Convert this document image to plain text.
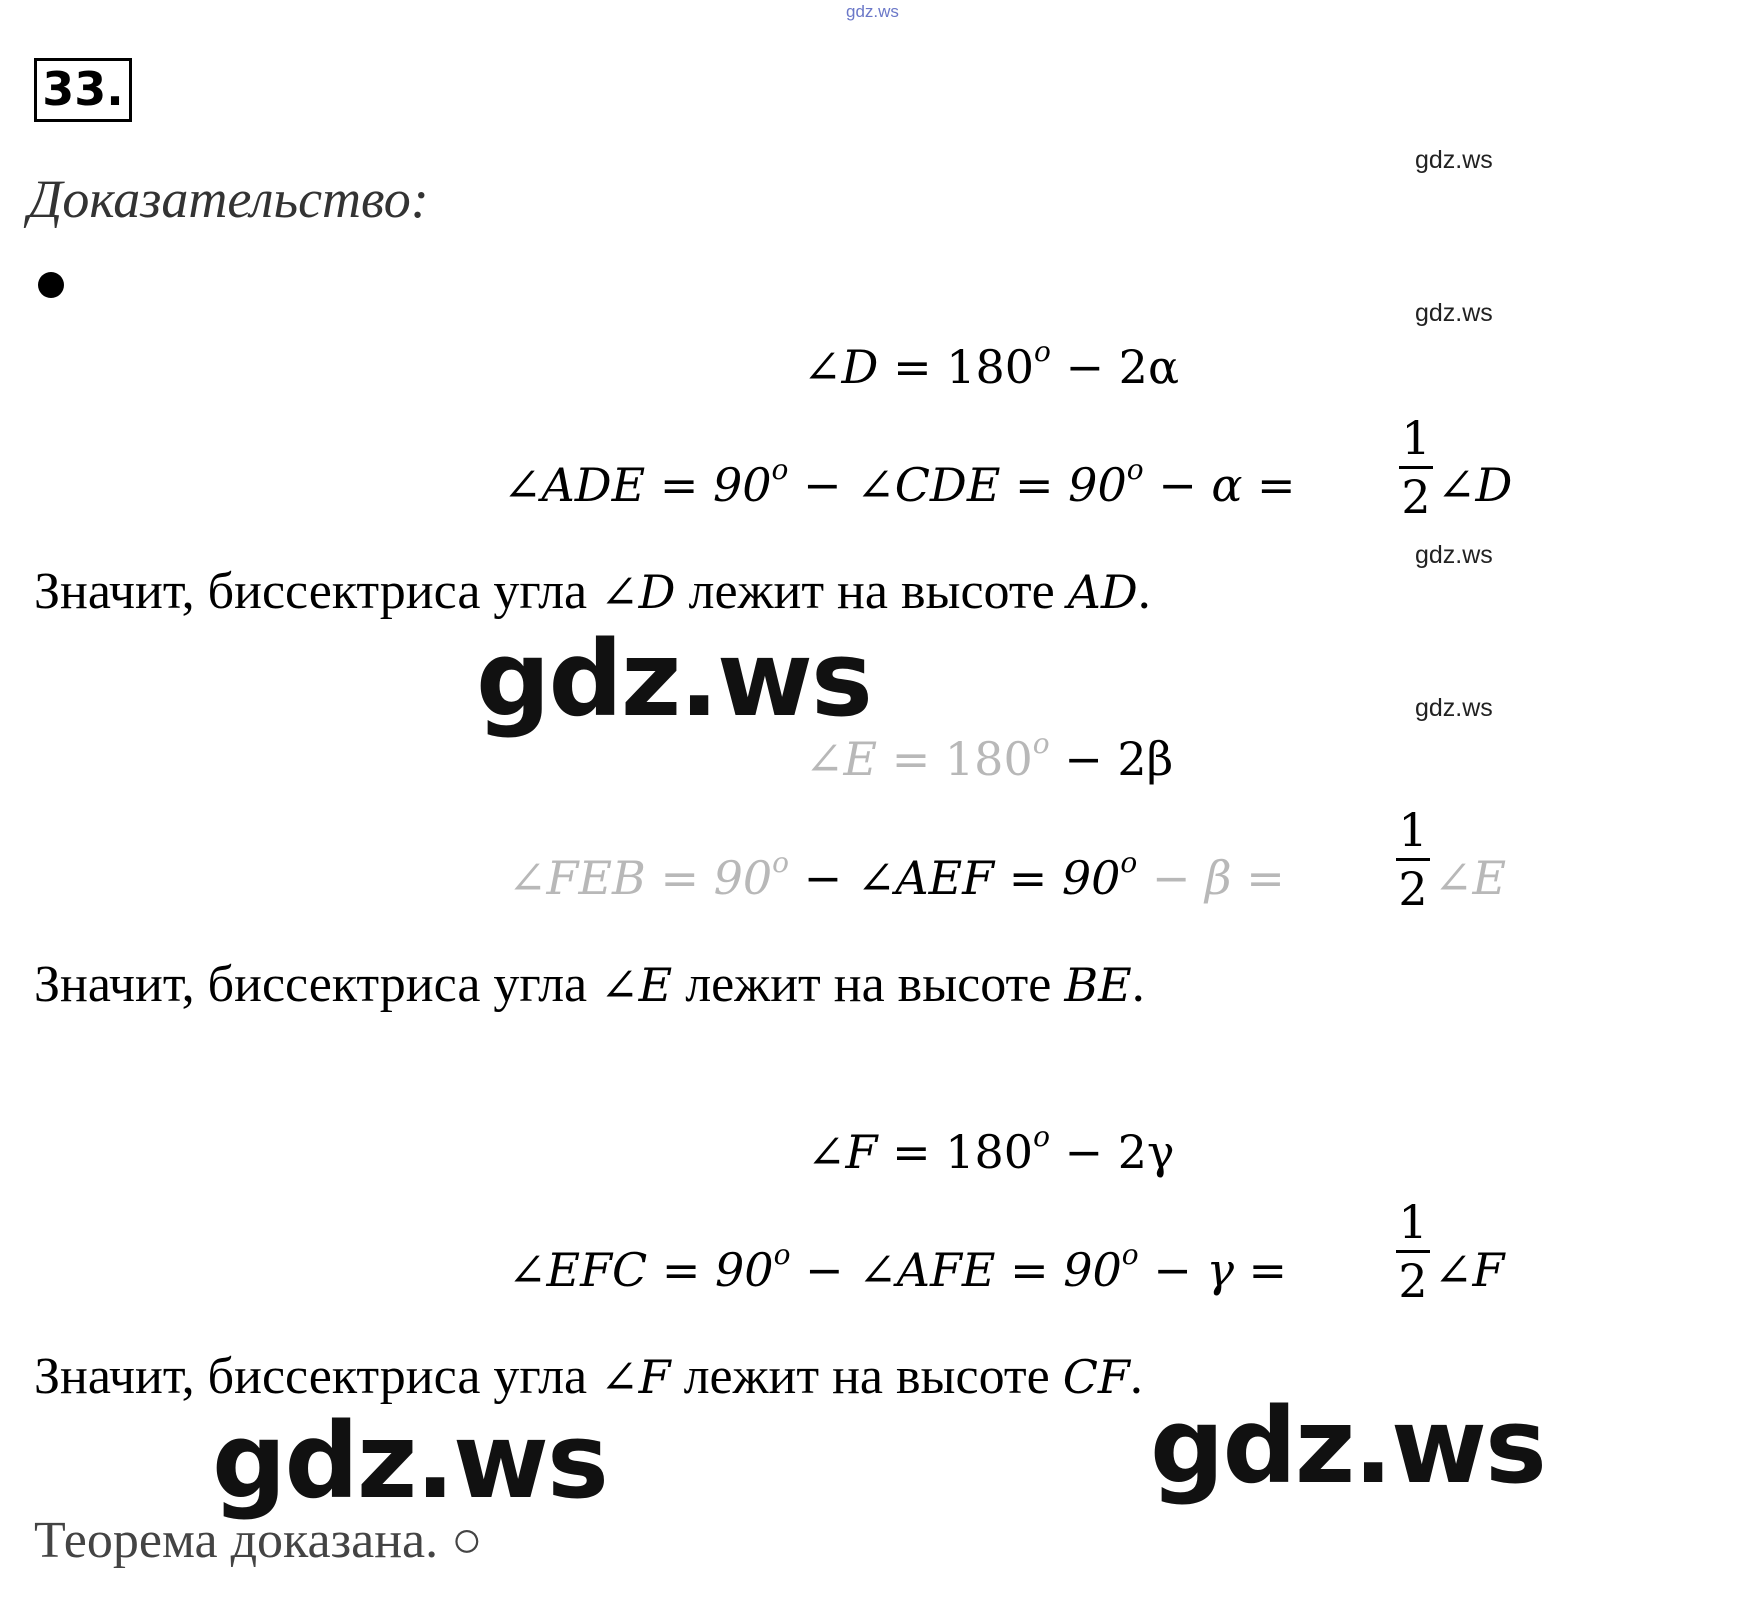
gdz.ws
33.
Доказательство:
gdz.ws
gdz.ws
gdz.ws
gdz.ws
∠D = $180^o - 2\alpha$
∠ADE = $90^o$ − ∠CDE = $90^o - \alpha$ =
1
2 ∠D
Значит, биссектриса угла ∠D лежит на высоте AD.
∠E = $180^o - 2\beta$
∠FEB = $90^o$ − ∠AEF = $90^o - \beta$ =
1
2 ∠E
Значит, биссектриса угла ∠E лежит на высоте BE.
∠F = $180^o - 2\gamma$
∠EFC = $90^o$ − ∠AFE = $90^o - \gamma$ =
1
2 ∠F
Значит, биссектриса угла ∠F лежит на высоте CF.
Теорема доказана. ○
gdz.ws
gdz.ws	gdz.ws
